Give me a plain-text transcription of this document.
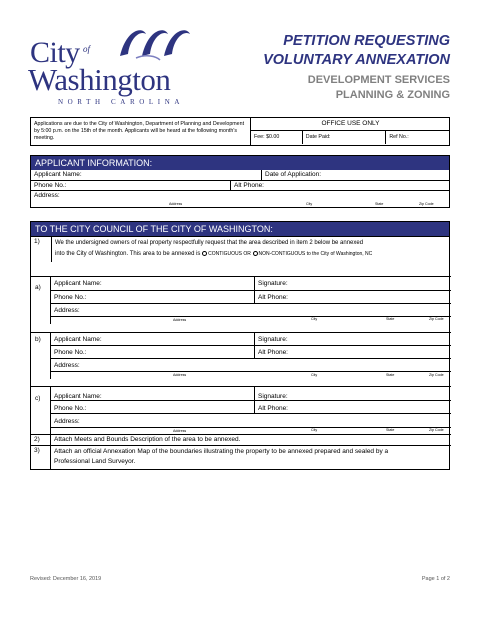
City of
Washington
NORTH CAROLINA
PETITION REQUESTING
VOLUNTARY ANNEXATION
DEVELOPMENT SERVICES
PLANNING & ZONING
Applications are due to the City of Washington, Department of Planning and Development by 5:00 p.m. on the 15th of the month. Applicants will be heard at the following month's meeting.
OFFICE USE ONLY
Fee: $0.00	Date Paid:	Ref No.:
APPLICANT INFORMATION:
Applicant Name:	Date of Application:
Phone No.:	Alt Phone:
Address:
Address	City	State	Zip Code
TO THE CITY COUNCIL OF THE CITY OF WASHINGTON:
1)	We the undersigned owners of real property respectfully request that the area described in item 2 below be annexed
into the City of Washington. This area to be annexed is CONTIGUOUS OR NON-CONTIGUOUS to the City of Washington, NC
a)
Applicant Name:	Signature:
Phone No.:	Alt Phone:
Address:
Address	City	State	Zip Code
b)	Applicant Name:	Signature:
Phone No.:	Alt Phone:
Address:
Address	City	State	Zip Code
c)	Applicant Name:	Signature:
Phone No.:	Alt Phone:
Address:
Address	City	State	Zip Code
2)	Attach Meets and Bounds Description of the area to be annexed.
3)	Attach an official Annexation Map of the boundaries illustrating the property to be annexed prepared and sealed by a
Professional Land Surveyor.
Revised: December 16, 2019	Page 1 of 2
